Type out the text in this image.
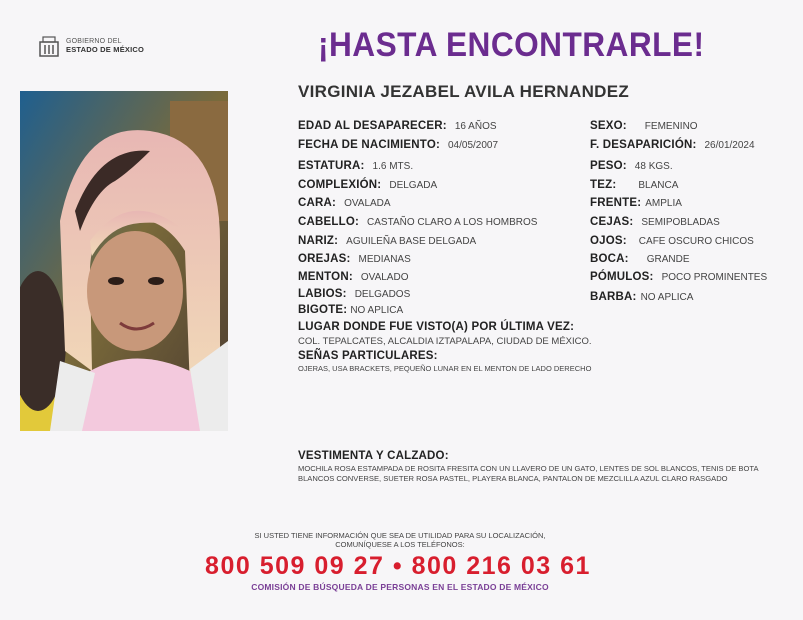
GOBIERNO DEL
ESTADO DE MÉXICO	¡HASTA ENCONTRARLE!
VIRGINIA JEZABEL AVILA HERNANDEZ
EDAD AL DESAPARECER: 16 AÑOS
FECHA DE NACIMIENTO: 04/05/2007
ESTATURA: 1.6 MTS.
COMPLEXIÓN: DELGADA
CARA: OVALADA
CABELLO: CASTAÑO CLARO A LOS HOMBROS
NARIZ: AGUILEÑA BASE DELGADA
OREJAS: MEDIANAS
MENTON: OVALADO
LABIOS: DELGADOS
BIGOTE: NO APLICA
SEXO: FEMENINO
F. DESAPARICIÓN: 26/01/2024
PESO: 48 KGS.
TEZ: BLANCA
FRENTE: AMPLIA
CEJAS: SEMIPOBLADAS
OJOS: CAFE OSCURO CHICOS
BOCA: GRANDE
PÓMULOS: POCO PROMINENTES
BARBA: NO APLICA
LUGAR DONDE FUE VISTO(A) POR ÚLTIMA VEZ:
COL. TEPALCATES, ALCALDIA IZTAPALAPA, CIUDAD DE MÉXICO.
SEÑAS PARTICULARES:
OJERAS, USA BRACKETS, PEQUEÑO LUNAR EN EL MENTON DE LADO DERECHO
VESTIMENTA Y CALZADO:
MOCHILA ROSA ESTAMPADA DE ROSITA FRESITA CON UN LLAVERO DE UN GATO, LENTES DE SOL BLANCOS, TENIS DE BOTA BLANCOS CONVERSE, SUETER ROSA PASTEL, PLAYERA BLANCA, PANTALON DE MEZCLILLA AZUL CLARO RASGADO
SI USTED TIENE INFORMACIÓN QUE SEA DE UTILIDAD PARA SU LOCALIZACIÓN,
COMUNÍQUESE A LOS TELÉFONOS:
800 509 09 27 • 800 216 03 61
COMISIÓN DE BÚSQUEDA DE PERSONAS EN EL ESTADO DE MÉXICO
